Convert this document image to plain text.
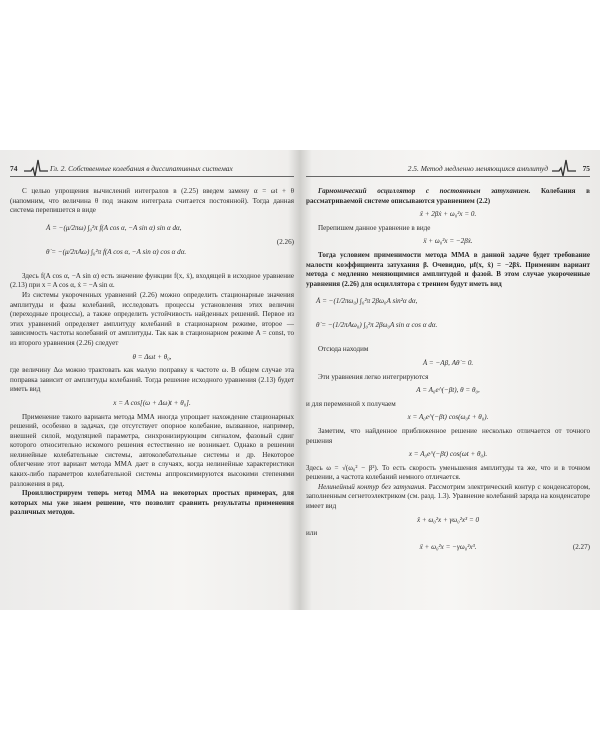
74	Гл. 2. Собственные колебания в диссипативных системах

С целью упрощения вычислений интегралов в (2.25) введем замену α = ωt + θ (напомним, что величина θ под знаком интеграла считается постоянной). Тогда данная система перепишется в виде

Ȧ = −(μ/2πω) ∫₀²π f(A cos α, −A sin α) sin α dα,
θ̇ = −(μ/2πAω) ∫₀²π f(A cos α, −A sin α) cos α dα.
(2.26)

Здесь f(A cos α, −A sin α) есть значение функции f(x, ẋ), входящей в исходное уравнение (2.13) при x = A cos α, ẋ = −A sin α.

Из системы укороченных уравнений (2.26) можно определить стационарные значения амплитуды и фазы колебаний, исследовать процессы установления этих величин (переходные процессы), а также определить устойчивость найденных решений. Первое из этих уравнений определяет амплитуду колебаний в стационарном режиме, второе — зависимость частоты колебаний от амплитуды. Так как в стационарном режиме A = const, то из второго уравнения (2.26) следует

θ = Δωt + θ₀,

где величину Δω можно трактовать как малую поправку к частоте ω. В общем случае эта поправка зависит от амплитуды колебаний. Тогда решение исходного уравнения (2.13) будет иметь вид

x = A cos[(ω + Δω)t + θ₀].

Применение такого варианта метода ММА иногда упрощает нахождение стационарных решений, особенно в задачах, где отсутствует опорное колебание, вызванное, например, внешней силой, модуляцией параметра, синхронизирующим сигналом, фазовый сдвиг которого относительно искомого решения естественно не возникает. Однако в решении нелинейные колебательные системы, автоколебательные системы и др. Некоторое облегчение этот вариант метода ММА дает в случаях, когда нелинейные характеристики каких-либо параметров колебательной системы аппроксимируются высокими степенями разложения в ряд.

Проиллюстрируем теперь метод ММА на некоторых простых примерах, для которых мы уже знаем решение, что позволит сравнить результаты применения различных методов.

2.5. Метод медленно меняющихся амплитуд	75

Гармонический осциллятор с постоянным затуханием. Колебания в рассматриваемой системе описываются уравнением (2.2)

ẍ + 2βẋ + ω₀²x = 0.

Перепишем данное уравнение в виде

ẍ + ω₀²x = −2βẋ.

Тогда условием применимости метода ММА в данной задаче будет требование малости коэффициента затухания β. Очевидно, μf(x, ẋ) = −2βẋ. Применим вариант метода с медленно меняющимися амплитудой и фазой. В этом случае укороченные уравнения (2.26) для осциллятора с трением будут иметь вид

Ȧ = −(1/2πω₀) ∫₀²π 2βω₀A sin²α dα,
θ̇ = −(1/2πAω₀) ∫₀²π 2βω₀A sin α cos α dα.

Отсюда находим

Ȧ = −Aβ, Aθ̇ = 0.

Эти уравнения легко интегрируются

A = A₀e^(−βt), θ = θ₀,

и для переменной x получаем

x = A₀e^(−βt) cos(ω₀t + θ₀).

Заметим, что найденное приближенное решение несколько отличается от точного решения

x = A₀e^(−βt) cos(ωt + θ₀).

Здесь ω = √(ω₀² − β²). То есть скорость уменьшения амплитуды та же, что и в точном решении, а частота колебаний немного отличается.

Нелинейный контур без затухания. Рассмотрим электрический контур с конденсатором, заполненным сегнетоэлектриком (см. разд. 1.3). Уравнение колебаний заряда на конденсаторе имеет вид

ẍ + ω₀²x + γω₀²x³ = 0

или

ẍ + ω₀²x = −γω₀²x³.	(2.27)
